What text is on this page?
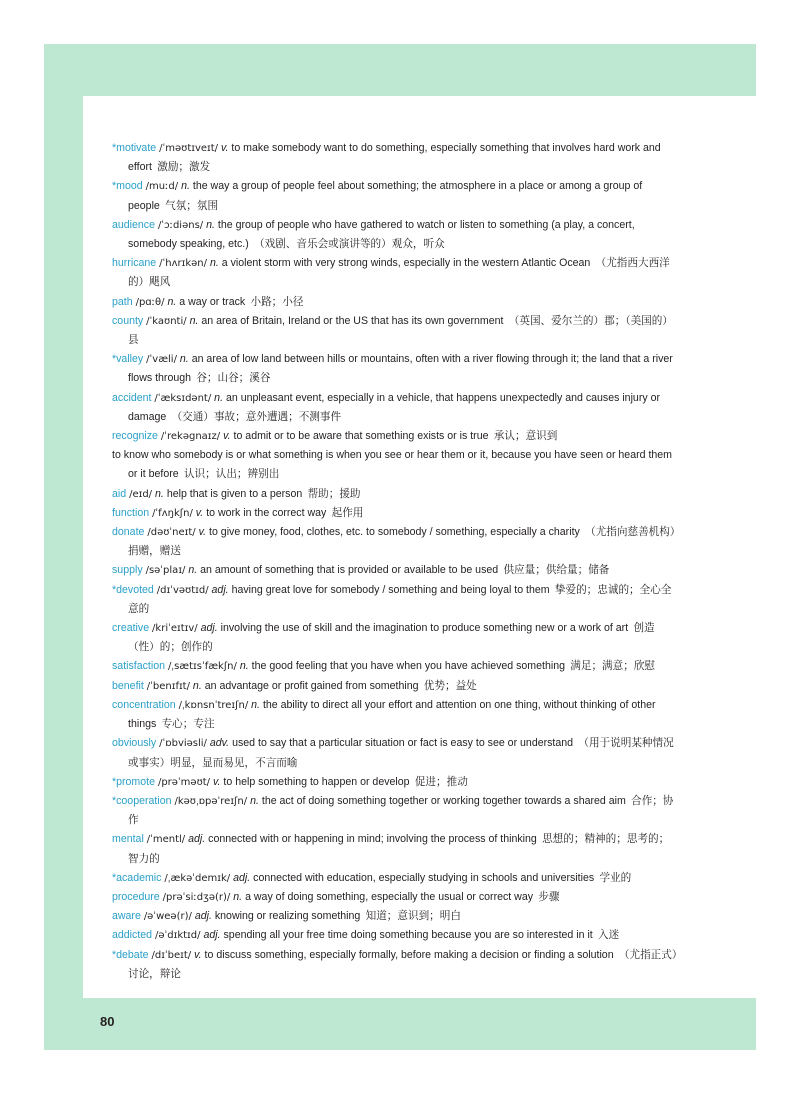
*motivate /ˈməʊtɪveɪt/ v. to make somebody want to do something, especially something that involves hard work and effort  激励；激发

*mood /muːd/ n. the way a group of people feel about something; the atmosphere in a place or among a group of people  气氛；氛围

audience /ˈɔːdiəns/ n. the group of people who have gathered to watch or listen to something (a play, a concert, somebody speaking, etc.)  （戏剧、音乐会或演讲等的）观众，听众

hurricane /ˈhʌrɪkən/ n. a violent storm with very strong winds, especially in the western Atlantic Ocean  （尤指西大西洋的）飓风

path /pɑːθ/ n. a way or track  小路；小径

county /ˈkaʊnti/ n. an area of Britain, Ireland or the US that has its own government  （英国、爱尔兰的）郡；（美国的）县

*valley /ˈvæli/ n. an area of low land between hills or mountains, often with a river flowing through it; the land that a river flows through  谷；山谷；溪谷

accident /ˈæksɪdənt/ n. an unpleasant event, especially in a vehicle, that happens unexpectedly and causes injury or damage  （交通）事故；意外遭遇；不测事件

recognize /ˈrekəgnaɪz/ v. to admit or to be aware that something exists or is true  承认；意识到

to know who somebody is or what something is when you see or hear them or it, because you have seen or heard them or it before  认识；认出；辨别出

aid /eɪd/ n. help that is given to a person  帮助；援助

function /ˈfʌŋkʃn/ v. to work in the correct way  起作用

donate /dəʊˈneɪt/ v. to give money, food, clothes, etc. to somebody / something, especially a charity  （尤指向慈善机构）捐赠，赠送

supply /səˈplaɪ/ n. an amount of something that is provided or available to be used  供应量；供给量；储备

*devoted /dɪˈvəʊtɪd/ adj. having great love for somebody / something and being loyal to them  挚爱的；忠诚的；全心全意的

creative /kriˈeɪtɪv/ adj. involving the use of skill and the imagination to produce something new or a work of art  创造（性）的；创作的

satisfaction /ˌsætɪsˈfækʃn/ n. the good feeling that you have when you have achieved something  满足；满意；欣慰

benefit /ˈbenɪfɪt/ n. an advantage or profit gained from something  优势；益处

concentration /ˌkɒnsnˈtreɪʃn/ n. the ability to direct all your effort and attention on one thing, without thinking of other things  专心；专注

obviously /ˈɒbviəsli/ adv. used to say that a particular situation or fact is easy to see or understand  （用于说明某种情况或事实）明显，显而易见，不言而喻

*promote /prəˈməʊt/ v. to help something to happen or develop  促进；推动

*cooperation /kəʊˌɒpəˈreɪʃn/ n. the act of doing something together or working together towards a shared aim  合作；协作

mental /ˈmentl/ adj. connected with or happening in mind; involving the process of thinking  思想的；精神的；思考的；智力的

*academic /ˌækəˈdemɪk/ adj. connected with education, especially studying in schools and universities  学业的

procedure /prəˈsiːdʒə(r)/ n. a way of doing something, especially the usual or correct way  步骤

aware /əˈweə(r)/ adj. knowing or realizing something  知道；意识到；明白

addicted /əˈdɪktɪd/ adj. spending all your free time doing something because you are so interested in it  入迷

*debate /dɪˈbeɪt/ v. to discuss something, especially formally, before making a decision or finding a solution  （尤指正式）讨论，辩论

80
